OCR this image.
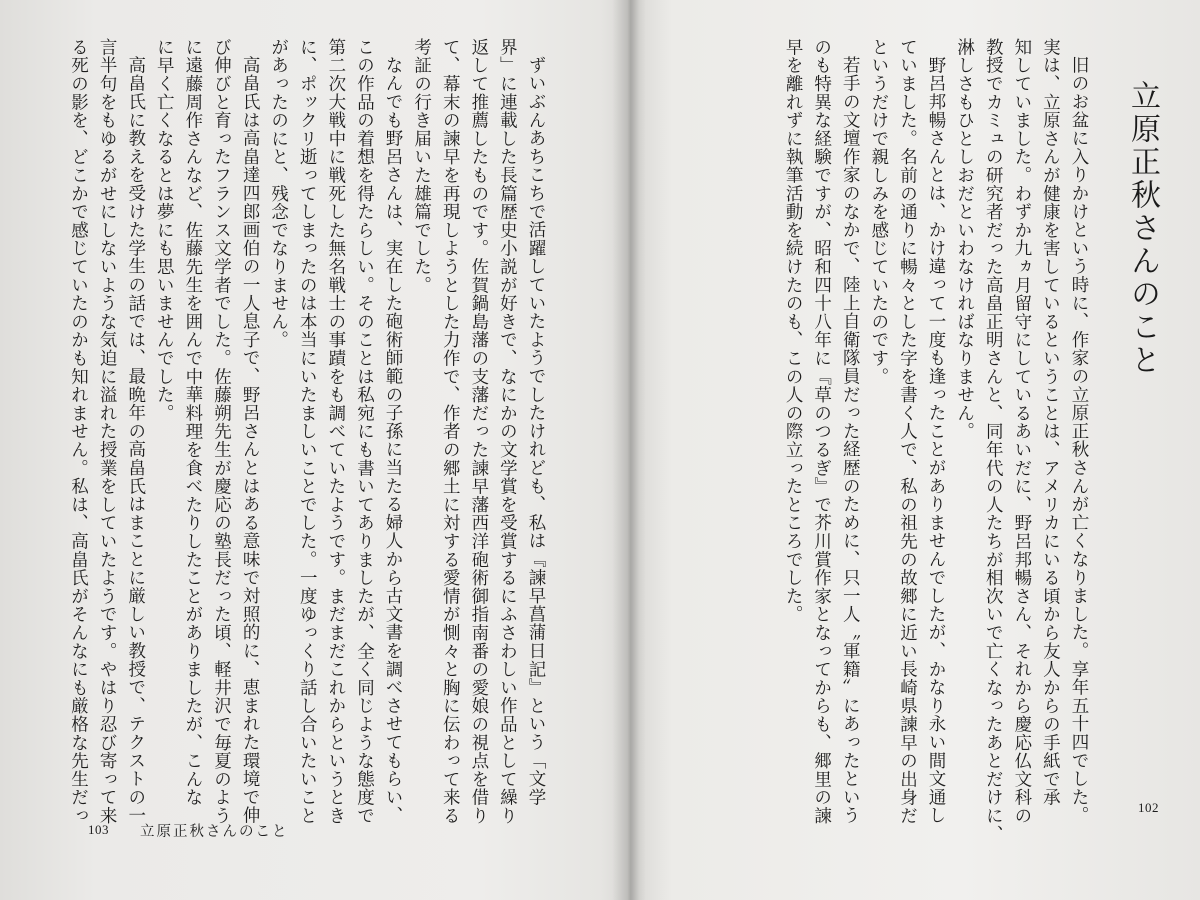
ずいぶんあちこちで活躍していたようでしたけれども、私は『諫早菖蒲日記』という「文学

界」に連載した長篇歴史小説が好きで、なにかの文学賞を受賞するにふさわしい作品として繰り

返して推薦したものです。佐賀鍋島藩の支藩だった諫早藩西洋砲術御指南番の愛娘の視点を借り

て、幕末の諫早を再現しようとした力作で、作者の郷土に対する愛情が惻々と胸に伝わって来る

考証の行き届いた雄篇でした。

なんでも野呂さんは、実在した砲術師範の子孫に当たる婦人から古文書を調べさせてもらい、

この作品の着想を得たらしい。そのことは私宛にも書いてありましたが、全く同じような態度で

第二次大戦中に戦死した無名戦士の事蹟をも調べていたようです。まだまだこれからというとき

に、ポックリ逝ってしまったのは本当にいたましいことでした。一度ゆっくり話し合いたいこと

があったのにと、残念でなりません。

高畠氏は高畠達四郎画伯の一人息子で、野呂さんとはある意味で対照的に、恵まれた環境で伸

び伸びと育ったフランス文学者でした。佐藤朔先生が慶応の塾長だった頃、軽井沢で毎夏のよう

に遠藤周作さんなど、佐藤先生を囲んで中華料理を食べたりしたことがありましたが、こんな

に早く亡くなるとは夢にも思いませんでした。

高畠氏に教えを受けた学生の話では、最晩年の高畠氏はまことに厳しい教授で、テクストの一

言半句をもゆるがせにしないような気迫に溢れた授業をしていたようです。やはり忍び寄って来

る死の影を、どこかで感じていたのかも知れません。私は、高畠氏がそんなにも厳格な先生だっ

103 立原正秋さんのこと
立原正秋さんのこと

旧のお盆に入りかけという時に、作家の立原正秋さんが亡くなりました。享年五十四でした。

実は、立原さんが健康を害しているということは、アメリカにいる頃から友人からの手紙で承

知していました。わずか九ヵ月留守にしているあいだに、野呂邦暢さん、それから慶応仏文科の

教授でカミュの研究者だった高畠正明さんと、同年代の人たちが相次いで亡くなったあとだけに、

淋しさもひとしおだといわなければなりません。

野呂邦暢さんとは、かけ違って一度も逢ったことがありませんでしたが、かなり永い間文通し

ていました。名前の通りに暢々とした字を書く人で、私の祖先の故郷に近い長崎県諫早の出身だ

というだけで親しみを感じていたのです。

若手の文壇作家のなかで、陸上自衛隊員だった経歴のために、只一人〝軍籍〟にあったという

のも特異な経験ですが、昭和四十八年に『草のつるぎ』で芥川賞作家となってからも、郷里の諫

早を離れずに執筆活動を続けたのも、この人の際立ったところでした。

102
